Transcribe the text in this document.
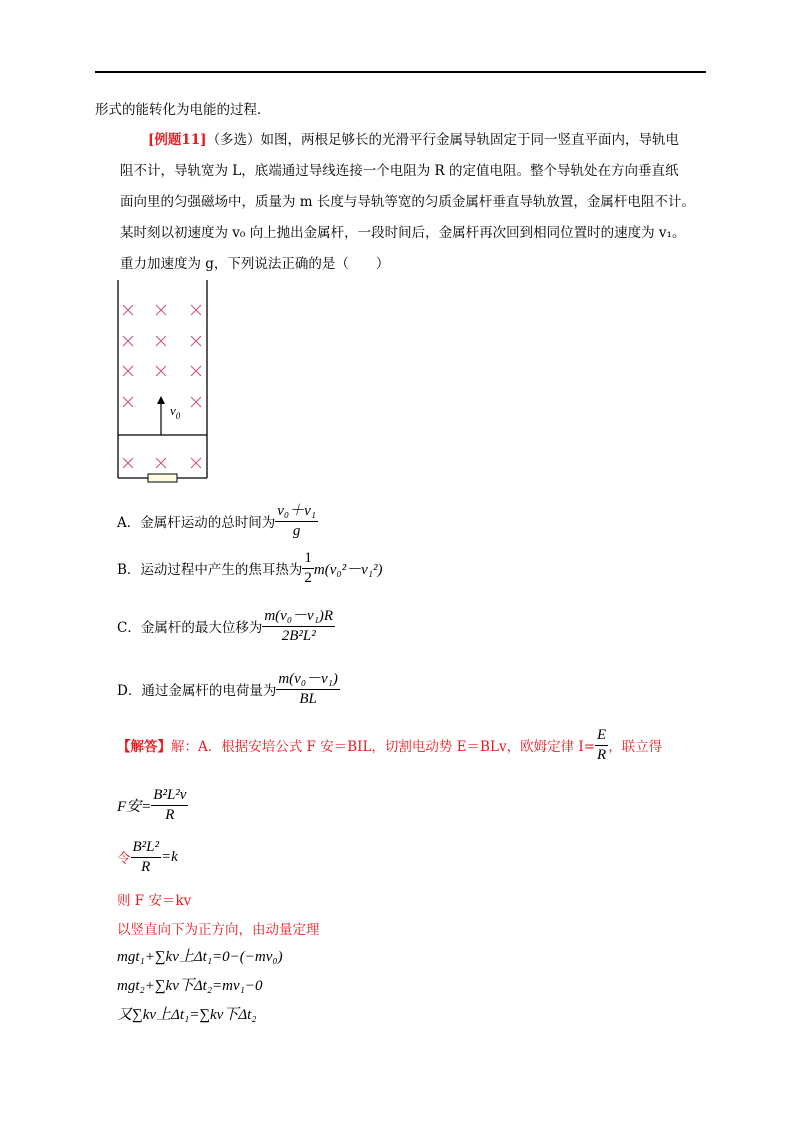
形式的能转化为电能的过程．
[例题11]（多选）如图，两根足够长的光滑平行金属导轨固定于同一竖直平面内，导轨电
阻不计，导轨宽为 L，底端通过导线连接一个电阻为 R 的定值电阻。整个导轨处在方向垂直纸
面向里的匀强磁场中，质量为 m 长度与导轨等宽的匀质金属杆垂直导轨放置，金属杆电阻不计。
某时刻以初速度为 v₀ 向上抛出金属杆，一段时间后，金属杆再次回到相同位置时的速度为 v₁。
重力加速度为 g，下列说法正确的是（　　）
$v_0$
A．金属杆运动的总时间为 $\frac{\text{v₀＋v₁}}{g}$
B．运动过程中产生的焦耳热为 $\frac{1}{2} m(v_0^2-v_1^2)$
C．金属杆的最大位移为 $\frac{\text{m(v₀－v₁)R}}{\text{2B²L²}}$
D．通过金属杆的电荷量为 $\frac{\text{m(v₀－v₁)}}{BL}$
【解答】 解：A．根据安培公式 F 安＝BIL，切割电动势 E＝BLv，欧姆定律 $I= \frac{E}{R}$ ，联立得
F安= $\frac{\text{B²L²v}}{R}$
令 $\frac{\text{B²L²}}{R} =k$
则 F 安＝kv
以竖直向下为正方向，由动量定理
mgt₁+∑kv上Δt₁=0−(−mv₀)
mgt₂+∑kv下Δt₂=mv₁−0
又∑kv上Δt₁=∑kv下Δt₂
